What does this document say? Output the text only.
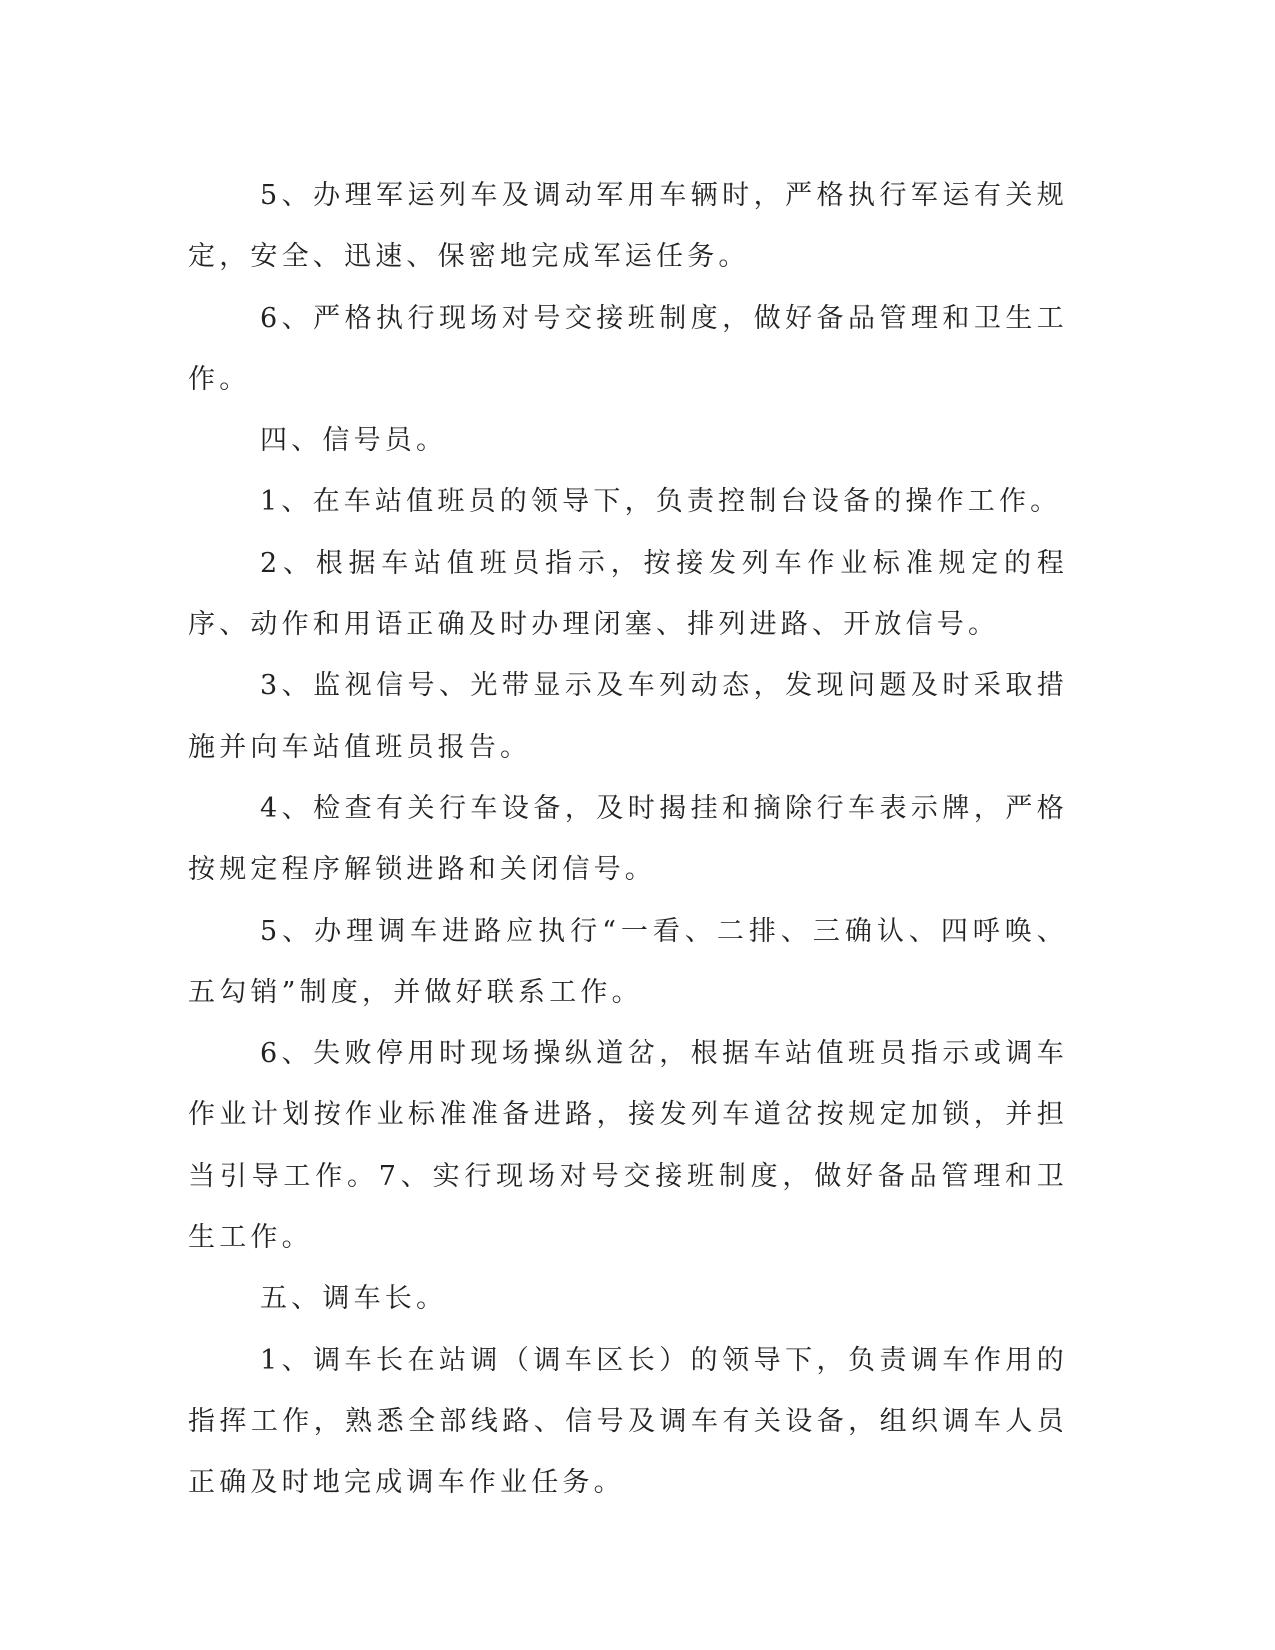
5、办理军运列车及调动军用车辆时，严格执行军运有关规定，安全、迅速、保密地完成军运任务。

6、严格执行现场对号交接班制度，做好备品管理和卫生工作。

四、信号员。

1、在车站值班员的领导下，负责控制台设备的操作工作。

2、根据车站值班员指示，按接发列车作业标准规定的程序、动作和用语正确及时办理闭塞、排列进路、开放信号。

3、监视信号、光带显示及车列动态，发现问题及时采取措施并向车站值班员报告。

4、检查有关行车设备，及时揭挂和摘除行车表示牌，严格按规定程序解锁进路和关闭信号。

5、办理调车进路应执行“一看、二排、三确认、四呼唤、五勾销”制度，并做好联系工作。

6、失败停用时现场操纵道岔，根据车站值班员指示或调车作业计划按作业标准准备进路，接发列车道岔按规定加锁，并担当引导工作。7、实行现场对号交接班制度，做好备品管理和卫生工作。

五、调车长。

1、调车长在站调（调车区长）的领导下，负责调车作用的指挥工作，熟悉全部线路、信号及调车有关设备，组织调车人员正确及时地完成调车作业任务。
